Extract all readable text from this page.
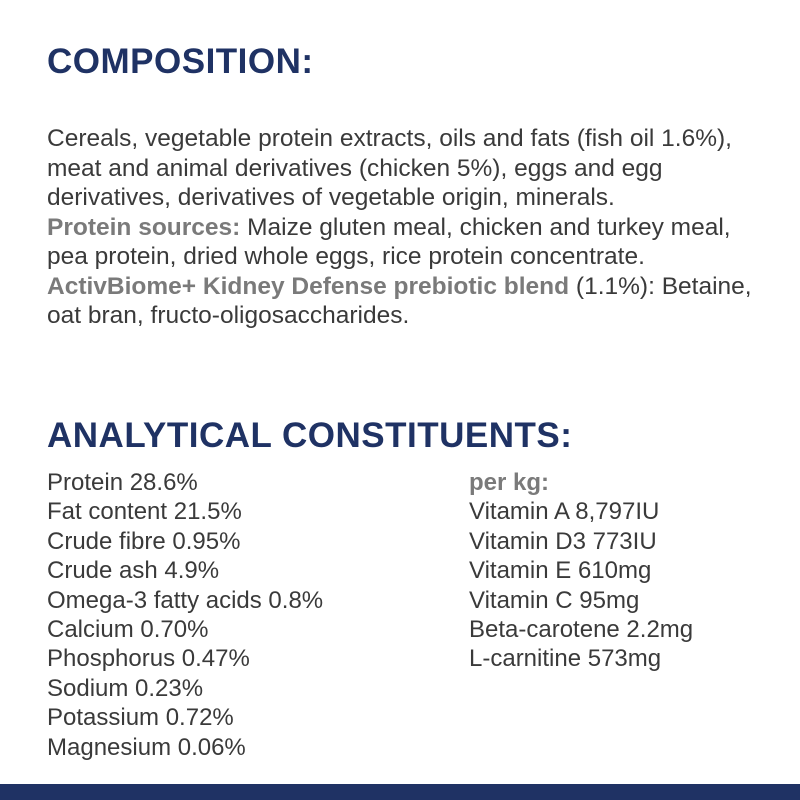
COMPOSITION:

Cereals, vegetable protein extracts, oils and fats (fish oil 1.6%), meat and animal derivatives (chicken 5%), eggs and egg derivatives, derivatives of vegetable origin, minerals.

Protein sources: Maize gluten meal, chicken and turkey meal, pea protein, dried whole eggs, rice protein concentrate.

ActivBiome+ Kidney Defense prebiotic blend (1.1%): Betaine, oat bran, fructo-oligosaccharides.

ANALYTICAL CONSTITUENTS:
Protein 28.6%
Fat content 21.5%
Crude fibre 0.95%
Crude ash 4.9%
Omega-3 fatty acids 0.8%
Calcium 0.70%
Phosphorus 0.47%
Sodium 0.23%
Potassium 0.72%
Magnesium 0.06%
per kg:
Vitamin A 8,797IU
Vitamin D3 773IU
Vitamin E 610mg
Vitamin C 95mg
Beta-carotene 2.2mg
L-carnitine 573mg
